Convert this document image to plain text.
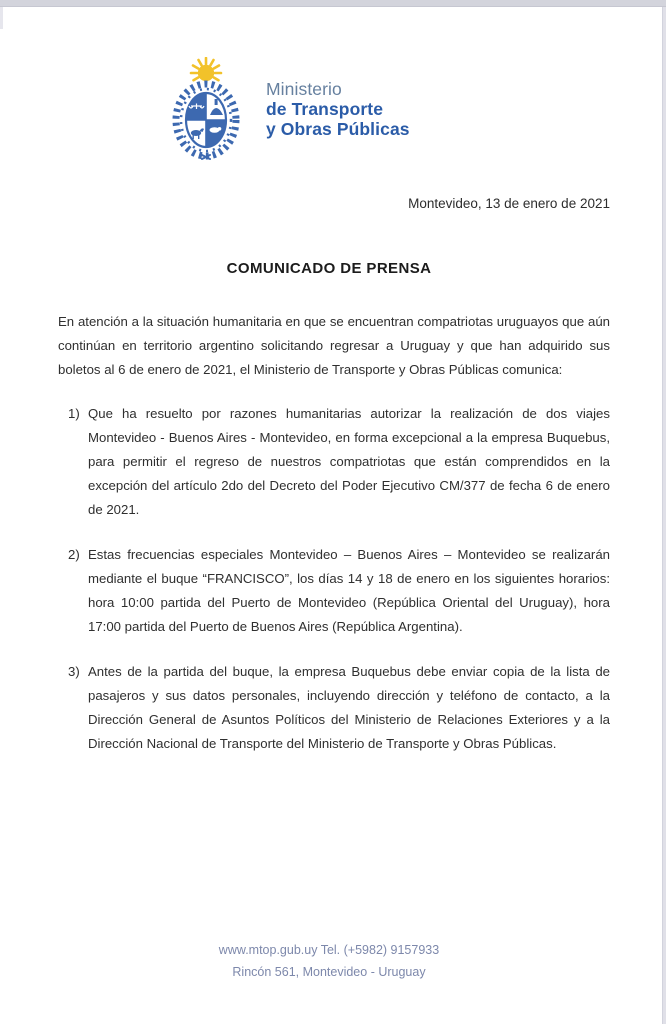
Ministerio
de Transporte
y Obras Públicas
Montevideo, 13 de enero de 2021
COMUNICADO DE PRENSA

En atención a la situación humanitaria en que se encuentran compatriotas uruguayos que aún continúan en territorio argentino solicitando regresar a Uruguay y que han adquirido sus boletos al 6 de enero de 2021, el Ministerio de Transporte y Obras Públicas comunica:

1) Que ha resuelto por razones humanitarias autorizar la realización de dos viajes Montevideo - Buenos Aires - Montevideo, en forma excepcional a la empresa Buquebus, para permitir el regreso de nuestros compatriotas que están comprendidos en la excepción del artículo 2do del Decreto del Poder Ejecutivo CM/377 de fecha 6 de enero de 2021.
2) Estas frecuencias especiales Montevideo – Buenos Aires – Montevideo se realizarán mediante el buque “FRANCISCO”, los días 14 y 18 de enero en los siguientes horarios: hora 10:00 partida del Puerto de Montevideo (República Oriental del Uruguay), hora 17:00 partida del Puerto de Buenos Aires (República Argentina).
3) Antes de la partida del buque, la empresa Buquebus debe enviar copia de la lista de pasajeros y sus datos personales, incluyendo dirección y teléfono de contacto, a la Dirección General de Asuntos Políticos del Ministerio de Relaciones Exteriores y a la Dirección Nacional de Transporte del Ministerio de Transporte y Obras Públicas.
www.mtop.gub.uy Tel. (+5982) 9157933
Rincón 561, Montevideo - Uruguay
